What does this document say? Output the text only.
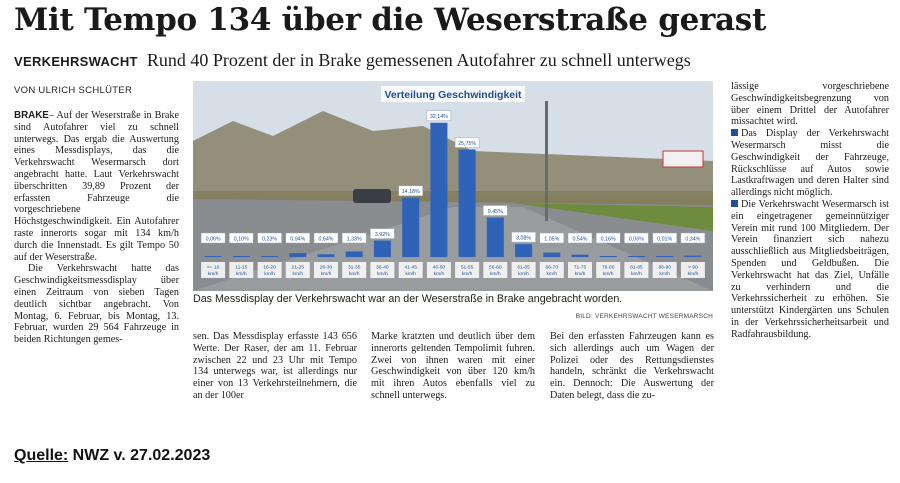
Mit Tempo 134 über die Weserstraße gerast
VERKEHRSWACHT Rund 40 Prozent der in Brake gemessenen Autofahrer zu schnell unterwegs
VON ULRICH SCHLÜTER

BRAKE– Auf der Weserstraße in Brake sind Autofahrer viel zu schnell unterwegs. Das ergab die Auswertung eines Messdisplays, das die Verkehrswacht Wesermarsch dort angebracht hatte. Laut Verkehrswacht überschritten 39,89 Prozent der erfassten Fahrzeuge die vorgeschriebene Höchstgeschwindigkeit. Ein Autofahrer raste innerorts sogar mit 134 km/h durch die Innenstadt. Es gilt Tempo 50 auf der Weserstraße.

Die Verkehrswacht hatte das Geschwindigkeitsmessdisplay über einen Zeitraum von sieben Tagen deutlich sichtbar angebracht. Von Montag, 6. Februar, bis Montag, 13. Februar, wurden 29 564 Fahrzeuge in beiden Richtungen gemes-

Verteilung Geschwindigkeit
0,06%
<= 10 km/h
0,10%
11-15 km/h
0,23%
16-20 km/h
0,94%
21-25 km/h
0,64%
26-30 km/h
1,33%
31-35 km/h
3,92%
36-40 km/h
14,18%
41-45 km/h
32,14%
46-50 km/h
25,75%
51-55 km/h
9,45%
56-60 km/h
3,08%
61-65 km/h
1,05%
66-70 km/h
0,54%
71-75 km/h
0,16%
76-80 km/h
0,06%
81-85 km/h
0,01%
86-90 km/h
0,34%
> 90 km/h
Das Messdisplay der Verkehrswacht war an der Weserstraße in Brake angebracht worden.
BILD: VERKEHRSWACHT WESERMARSCH

sen. Das Messdisplay erfasste 143 656 Werte. Der Raser, der am 11. Februar zwischen 22 und 23 Uhr mit Tempo 134 unterwegs war, ist allerdings nur einer von 13 Verkehrsteilnehmern, die an der 100er

Marke kratzten und deutlich über dem innerorts geltenden Tempolimit fuhren. Zwei von ihnen waren mit einer Geschwindigkeit von über 120 km/h mit ihren Autos ebenfalls viel zu schnell unterwegs.

Bei den erfassten Fahrzeugen kann es sich allerdings auch um Wagen der Polizei oder des Rettungsdienstes handeln, schränkt die Verkehrswacht ein. Dennoch: Die Auswertung der Daten belegt, dass die zu-

lässige vorgeschriebene Geschwindigkeitsbegrenzung von über einem Drittel der Autofahrer missachtet wird.

Das Display der Verkehrswacht Wesermarsch misst die Geschwindigkeit der Fahrzeuge, Rückschlüsse auf Autos sowie Lastkraftwagen und deren Halter sind allerdings nicht möglich.

Die Verkehrswacht Wesermarsch ist ein eingetragener gemeinnütziger Verein mit rund 100 Mitgliedern. Der Verein finanziert sich nahezu ausschließlich aus Mitgliedsbeiträgen, Spenden und Geldbußen. Die Verkehrswacht hat das Ziel, Unfälle zu verhindern und die Verkehrssicherheit zu erhöhen. Sie unterstützt Kindergärten uns Schulen in der Verkehrssicherheitsarbeit und Radfahrausbildung.

Quelle: NWZ v. 27.02.2023
